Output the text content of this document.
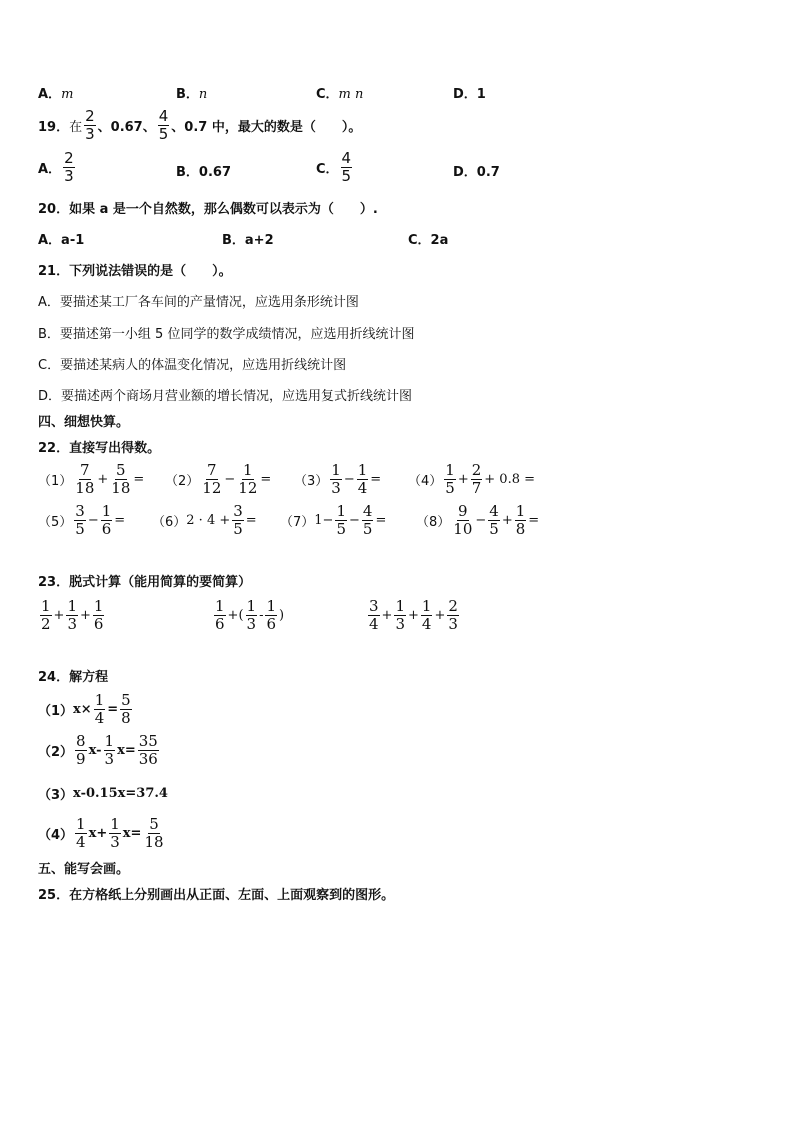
A．m	B．n	C．m n	D．1
19． 在 $\frac{2}{3}$ 、0.67、 $\frac{4}{5}$ 、0.7 中，最大的数是（　　）。
A． $\frac{2}{3}$	B．0.67	C． $\frac{4}{5}$	D．0.7
20．如果 a 是一个自然数，那么偶数可以表示为（　　）.
A．a-1	B．a+2	C．2a
21．下列说法错误的是（　　）。
A．要描述某工厂各车间的产量情况，应选用条形统计图
B．要描述第一小组 5 位同学的数学成绩情况，应选用折线统计图
C．要描述某病人的体温变化情况，应选用折线统计图
D．要描述两个商场月营业额的增长情况，应选用复式折线统计图
四、细想快算。
22．直接写出得数。
$(1) \frac{7}{18} + \frac{5}{18} = (2) \frac{7}{12} - \frac{1}{12} = (3) \frac{1}{3} - \frac{1}{4} = (4) \frac{1}{5} + \frac{2}{7} + 0.8$ =
$(5) \frac{3}{5} - \frac{1}{6} = (6) 2 \cdot 4 + \frac{3}{5} = (7)$ $1- \frac{1}{5} - \frac{4}{5} = (8) \frac{9}{10} - \frac{4}{5} + \frac{1}{8}$ =
23．脱式计算（能用简算的要简算）
$\frac{1}{2} + \frac{1}{3} + \frac{1}{6}$	$\frac{1}{6}$ +( $\frac{1}{3} - \frac{1}{6}$ )	$\frac{3}{4} + \frac{1}{3} + \frac{1}{4} + \frac{2}{3}$
24．解方程
（1） $x\times \frac{1}{4} = \frac{5}{8}$
$(2) \frac{8}{9} x- \frac{1}{3} x= \frac{35}{36}$
（3） x-0.15x=37.4
$(4) \frac{1}{4} x+ \frac{1}{3} x= \frac{5}{18}$
五、能写会画。
25．在方格纸上分别画出从正面、左面、上面观察到的图形。
